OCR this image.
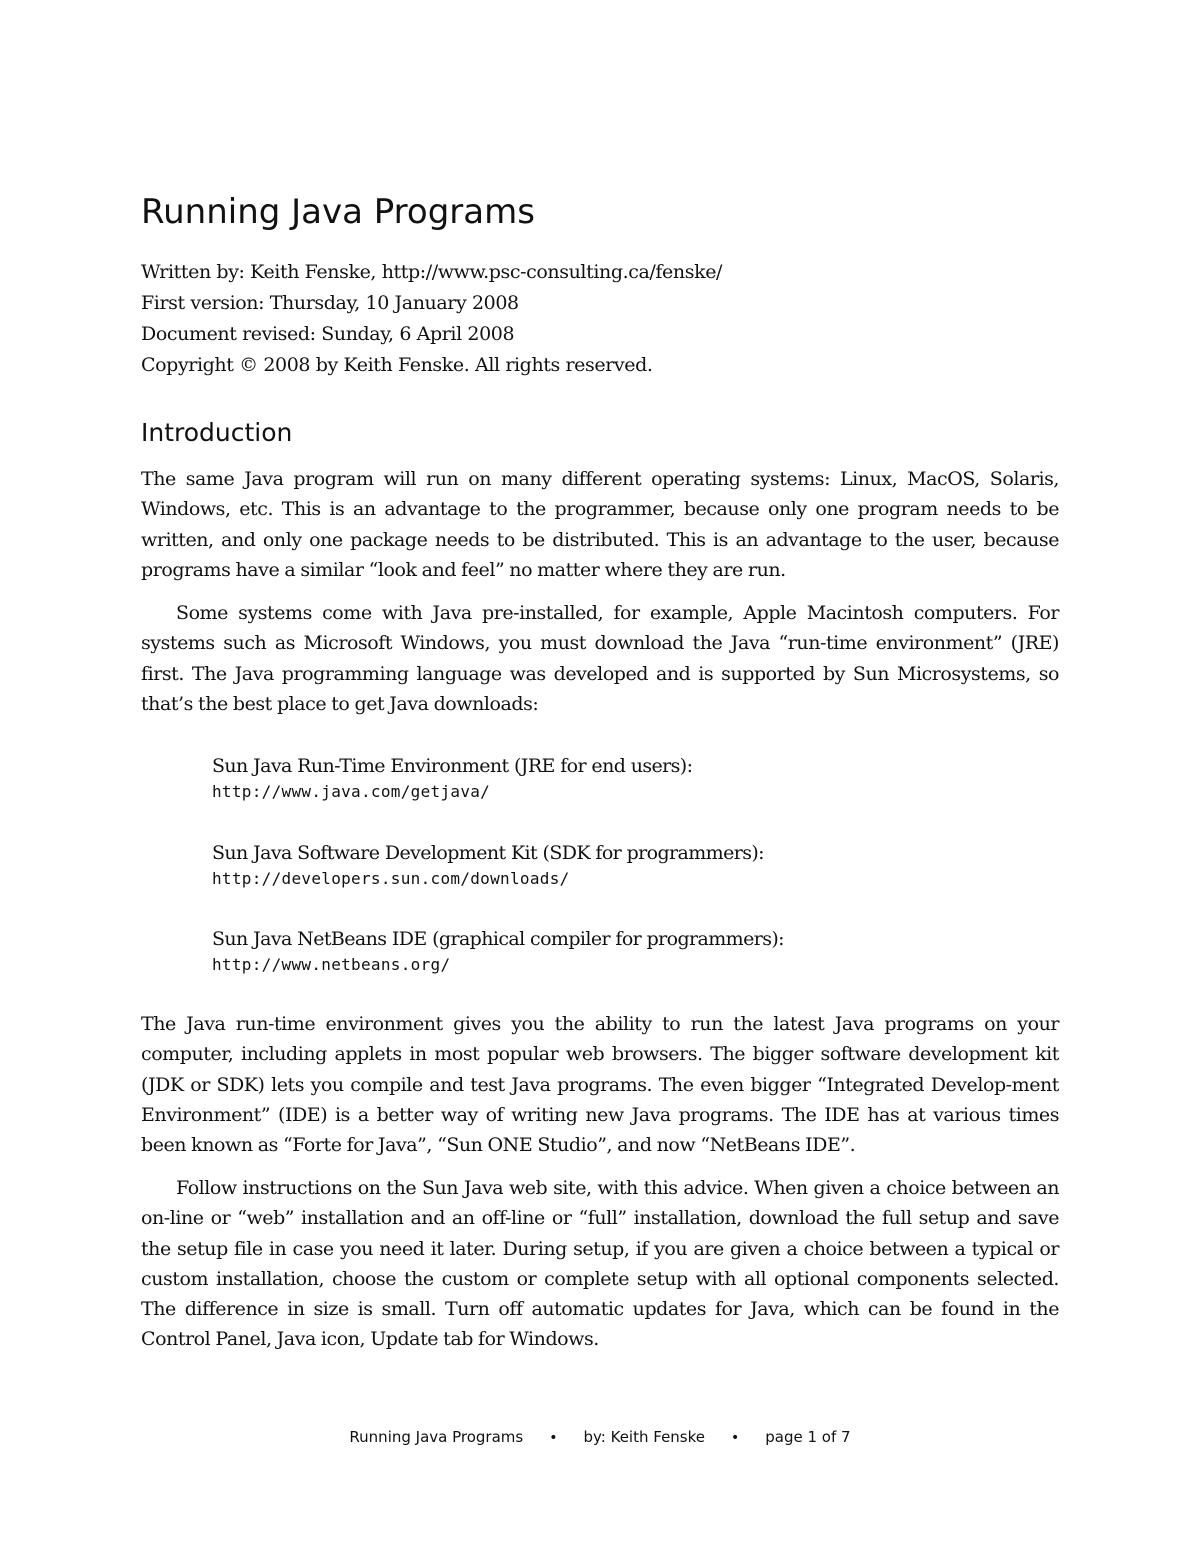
Running Java Programs
Written by: Keith Fenske, http://www.psc-consulting.ca/fenske/
First version: Thursday, 10 January 2008
Document revised: Sunday, 6 April 2008
Copyright © 2008 by Keith Fenske. All rights reserved.
Introduction

The same Java program will run on many different operating systems: Linux, MacOS, Solaris, Windows, etc. This is an advantage to the programmer, because only one program needs to be written, and only one package needs to be distributed. This is an advantage to the user, because programs have a similar “look and feel” no matter where they are run.

Some systems come with Java pre-installed, for example, Apple Macintosh computers. For systems such as Microsoft Windows, you must download the Java “run-time environment” (JRE) first. The Java programming language was developed and is supported by Sun Microsystems, so that’s the best place to get Java downloads:

Sun Java Run-Time Environment (JRE for end users):
http://www.java.com/getjava/
Sun Java Software Development Kit (SDK for programmers):
http://developers.sun.com/downloads/
Sun Java NetBeans IDE (graphical compiler for programmers):
http://www.netbeans.org/

The Java run-time environment gives you the ability to run the latest Java programs on your computer, including applets in most popular web browsers. The bigger software development kit (JDK or SDK) lets you compile and test Java programs. The even bigger “Integrated Develop-ment Environment” (IDE) is a better way of writing new Java programs. The IDE has at various times been known as “Forte for Java”, “Sun ONE Studio”, and now “NetBeans IDE”.

Follow instructions on the Sun Java web site, with this advice. When given a choice between an on-line or “web” installation and an off-line or “full” installation, download the full setup and save the setup file in case you need it later. During setup, if you are given a choice between a typical or custom installation, choose the custom or complete setup with all optional components selected. The difference in size is small. Turn off automatic updates for Java, which can be found in the Control Panel, Java icon, Update tab for Windows.

Running Java Programs • by: Keith Fenske • page 1 of 7
